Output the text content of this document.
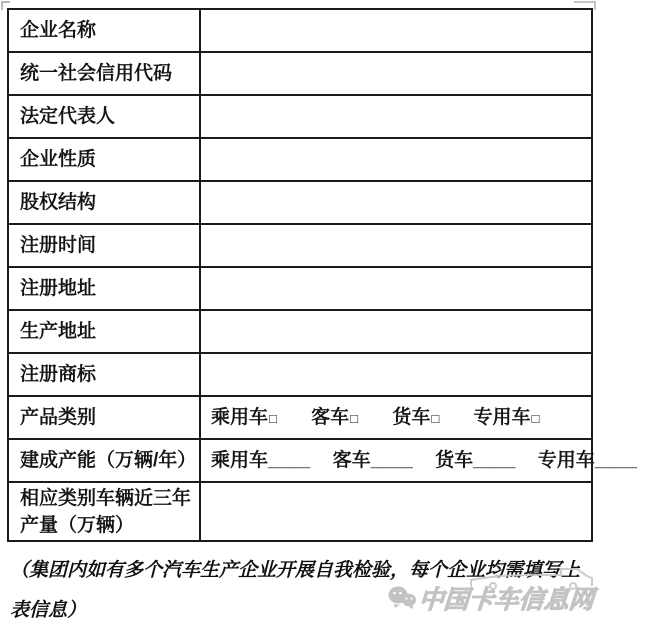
企业名称	
统一社会信用代码	
法定代表人	
企业性质	
股权结构	
注册时间	
注册地址	
生产地址	
注册商标	
产品类别	乘用车□ 客车□ 货车□ 专用车□
建成产能（万辆/年）	乘用车____ 客车____ 货车____ 专用车____
相应类别车辆近三年产量（万辆）	
（集团内如有多个汽车生产企业开展自我检验，每个企业均需填写上
表信息）	中国卡车信息网
